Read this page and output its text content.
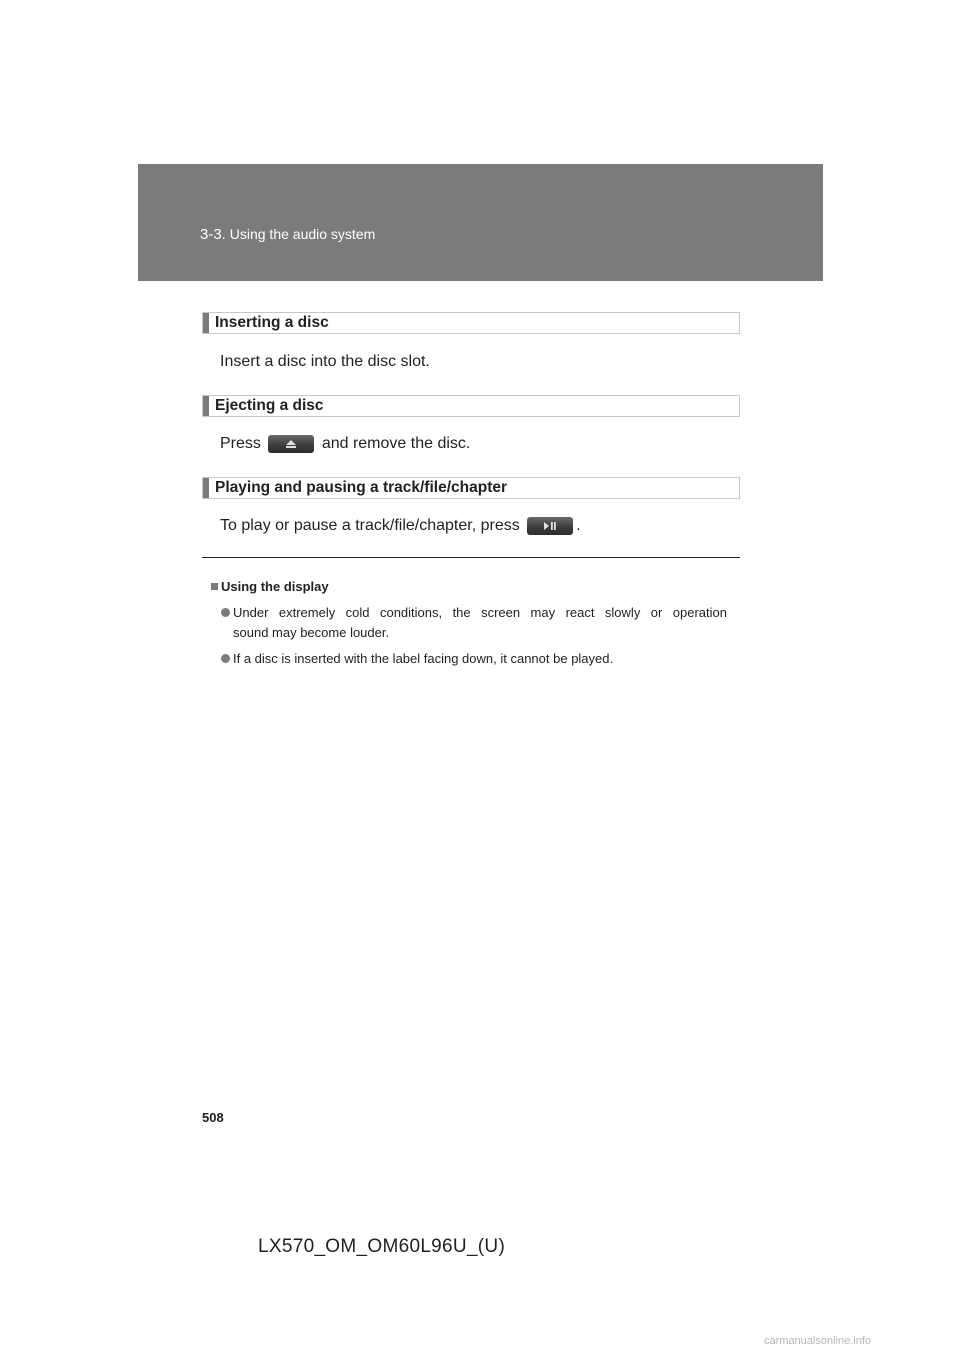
3-3. Using the audio system
Inserting a disc
Insert a disc into the disc slot.
Ejecting a disc
Press	and remove the disc.
Playing and pausing a track/file/chapter
To play or pause a track/file/chapter, press	.
Using the display
Under extremely cold conditions, the screen may react slowly or operation
sound may become louder.
If a disc is inserted with the label facing down, it cannot be played.
508
LX570_OM_OM60L96U_(U)
carmanualsonline.info
